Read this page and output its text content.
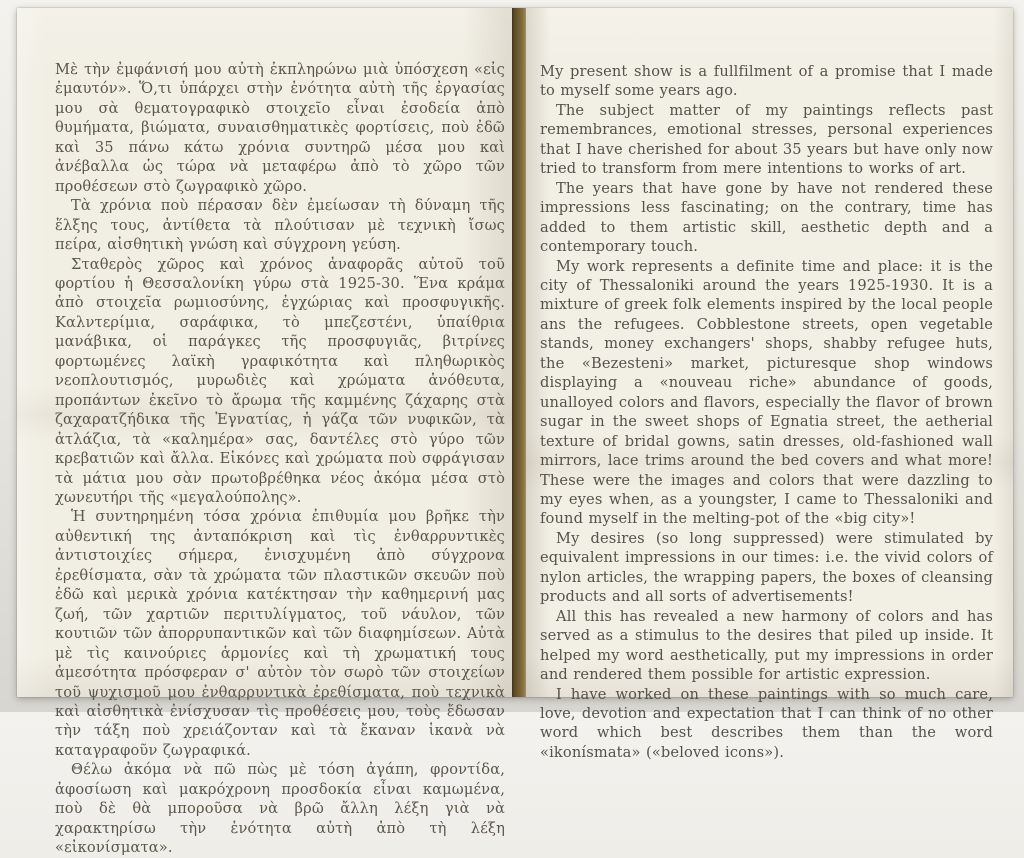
Μὲ τὴν ἐμφάνισή μου αὐτὴ ἐκπληρώνω μιὰ ὑπόσχεση «εἰς ἐμαυτόν». Ὅ,τι ὑπάρχει στὴν ἑνότητα αὐτὴ τῆς ἐργασίας μου σὰ θεματογραφικὸ στοιχεῖο εἶναι ἐσοδεία ἀπὸ θυμήματα, βιώματα, συναισθηματικὲς φορτίσεις, ποὺ ἐδῶ καὶ 35 πάνω κάτω χρόνια συντηρῶ μέσα μου καὶ ἀνέβαλλα ὡς τώρα νὰ μεταφέρω ἀπὸ τὸ χῶρο τῶν προθέσεων στὸ ζωγραφικὸ χῶρο.

Τὰ χρόνια ποὺ πέρασαν δὲν ἐμείωσαν τὴ δύναμη τῆς ἕλξης τους, ἀντίθετα τὰ πλούτισαν μὲ τεχνικὴ ἴσως πείρα, αἰσθητικὴ γνώση καὶ σύγχρονη γεύση.

Σταθερὸς χῶρος καὶ χρόνος ἀναφορᾶς αὐτοῦ τοῦ φορτίου ἡ Θεσσαλονίκη γύρω στὰ 1925-30. Ἕνα κράμα ἀπὸ στοιχεῖα ρωμιοσύνης, ἐγχώριας καὶ προσφυγικῆς. Καλντερίμια, σαράφικα, τὸ μπεζεστένι, ὑπαίθρια μανάβικα, οἱ παράγκες τῆς προσφυγιᾶς, βιτρίνες φορτωμένες λαϊκὴ γραφικότητα καὶ πληθωρικὸς νεοπλουτισμός, μυρωδιὲς καὶ χρώματα ἀνόθευτα, προπάντων ἐκεῖνο τὸ ἄρωμα τῆς καμμένης ζάχαρης στὰ ζαχαρατζήδικα τῆς Ἐγνατίας, ἡ γάζα τῶν νυφικῶν, τὰ ἀτλάζια, τὰ «καλημέρα» σας, δαντέλες στὸ γύρο τῶν κρεβατιῶν καὶ ἄλλα. Εἰκόνες καὶ χρώματα ποὺ σφράγισαν τὰ μάτια μου σὰν πρωτοβρέθηκα νέος ἀκόμα μέσα στὸ χωνευτήρι τῆς «μεγαλούπολης».

Ἡ συντηρημένη τόσα χρόνια ἐπιθυμία μου βρῆκε τὴν αὐθεντική της ἀνταπόκριση καὶ τὶς ἐνθαρρυντικὲς ἀντιστοιχίες σήμερα, ἐνισχυμένη ἀπὸ σύγχρονα ἐρεθίσματα, σὰν τὰ χρώματα τῶν πλαστικῶν σκευῶν ποὺ ἐδῶ καὶ μερικὰ χρόνια κατέκτησαν τὴν καθημερινή μας ζωή, τῶν χαρτιῶν περιτυλίγματος, τοῦ νάυλον, τῶν κουτιῶν τῶν ἀπορρυπαντικῶν καὶ τῶν διαφημίσεων. Αὐτὰ μὲ τὶς καινούριες ἁρμονίες καὶ τὴ χρωματική τους ἀμεσότητα πρόσφεραν σ' αὐτὸν τὸν σωρὸ τῶν στοιχείων τοῦ ψυχισμοῦ μου ἐνθαρρυντικὰ ἐρεθίσματα, ποὺ τεχνικὰ καὶ αἰσθητικὰ ἐνίσχυσαν τὶς προθέσεις μου, τοὺς ἔδωσαν τὴν τάξη ποὺ χρειάζονταν καὶ τὰ ἔκαναν ἱκανὰ νὰ καταγραφοῦν ζωγραφικά.

Θέλω ἀκόμα νὰ πῶ πὼς μὲ τόση ἀγάπη, φροντίδα, ἀφοσίωση καὶ μακρόχρονη προσδοκία εἶναι καμωμένα, ποὺ δὲ θὰ μποροῦσα νὰ βρῶ ἄλλη λέξη γιὰ νὰ χαρακτηρίσω τὴν ἑνότητα αὐτὴ ἀπὸ τὴ λέξη «εἰκονίσματα».

My present show is a fullfilment of a promise that I made to myself some years ago.

The subject matter of my paintings reflects past remembrances, emotional stresses, personal experiences that I have cherished for about 35 years but have only now tried to transform from mere intentions to works of art.

The years that have gone by have not rendered these impressions less fascinating; on the contrary, time has added to them artistic skill, aesthetic depth and a contemporary touch.

My work represents a definite time and place: it is the city of Thessaloniki around the years 1925-1930. It is a mixture of greek folk elements inspired by the local people ans the refugees. Cobblestone streets, open vegetable stands, money exchangers' shops, shabby refugee huts, the «Bezesteni» market, picturesque shop windows displaying a «nouveau riche» abundance of goods, unalloyed colors and flavors, especially the flavor of brown sugar in the sweet shops of Egnatia street, the aetherial texture of bridal gowns, satin dresses, old-fashioned wall mirrors, lace trims around the bed covers and what more! These were the images and colors that were dazzling to my eyes when, as a youngster, I came to Thessaloniki and found myself in the melting-pot of the «big city»!

My desires (so long suppressed) were stimulated by equivalent impressions in our times: i.e. the vivid colors of nylon articles, the wrapping papers, the boxes of cleansing products and all sorts of advertisements!

All this has revealed a new harmony of colors and has served as a stimulus to the desires that piled up inside. It helped my word aesthetically, put my impressions in order and rendered them possible for artistic expression.

I have worked on these paintings with so much care, love, devotion and expectation that I can think of no other word which best describes them than the word «ikonísmata» («beloved icons»).
